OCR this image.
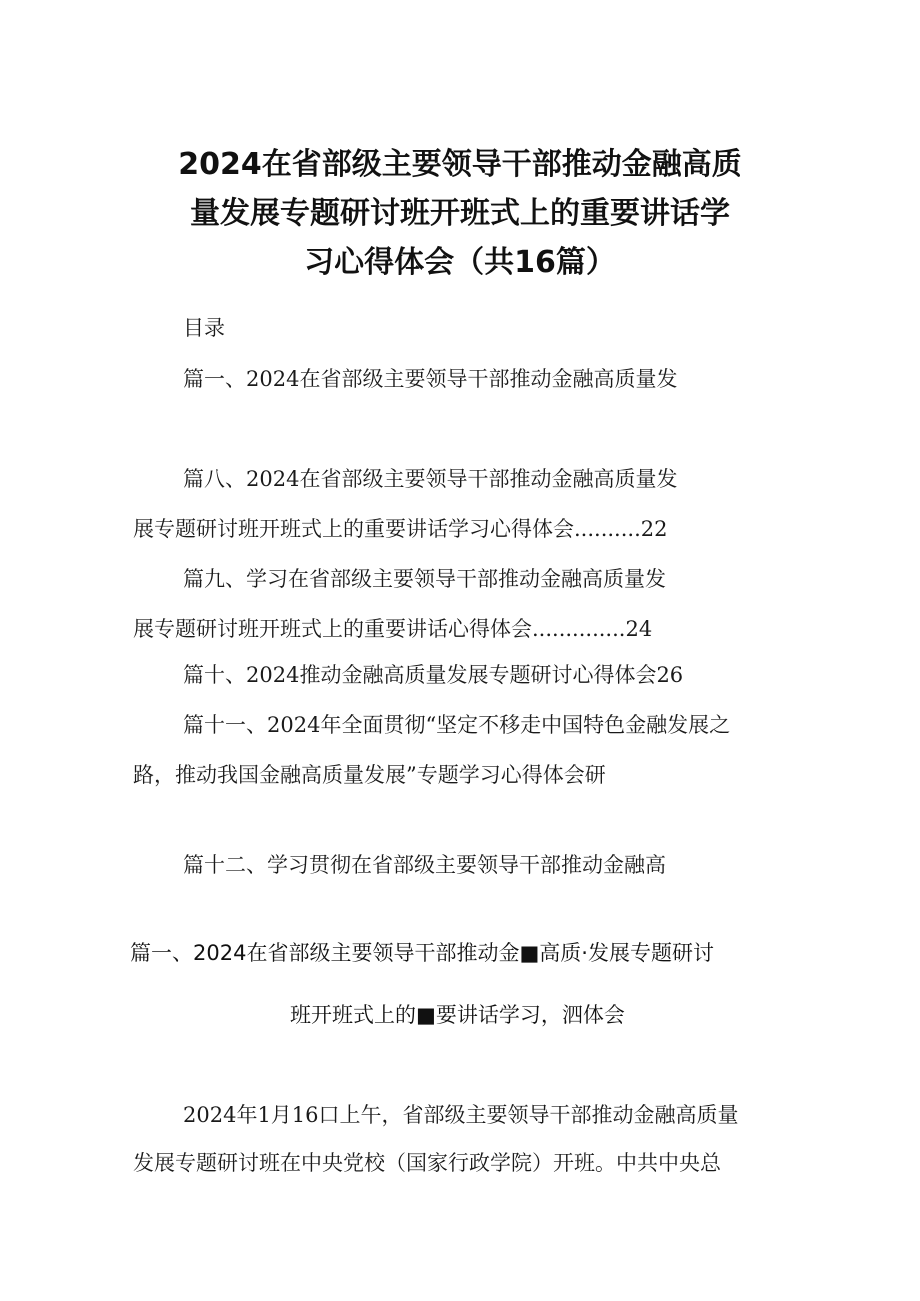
2024在省部级主要领导干部推动金融高质
量发展专题研讨班开班式上的重要讲话学
习心得体会（共16篇）
目录
篇一、2024在省部级主要领导干部推动金融高质量发
篇八、2024在省部级主要领导干部推动金融高质量发
展专题研讨班开班式上的重要讲话学习心得体会..........22
篇九、学习在省部级主要领导干部推动金融高质量发
展专题研讨班开班式上的重要讲话心得体会..............24
篇十、2024推动金融高质量发展专题研讨心得体会26
篇十一、2024年全面贯彻“坚定不移走中国特色金融发展之
路，推动我国金融高质量发展”专题学习心得体会研
篇十二、学习贯彻在省部级主要领导干部推动金融高
篇一、2024在省部级主要领导干部推动金■高质·发展专题研讨
班开班式上的■要讲话学习，泗体会
2024年1月16口上午，省部级主要领导干部推动金融高质量
发展专题研讨班在中央党校（国家行政学院）开班。中共中央总
